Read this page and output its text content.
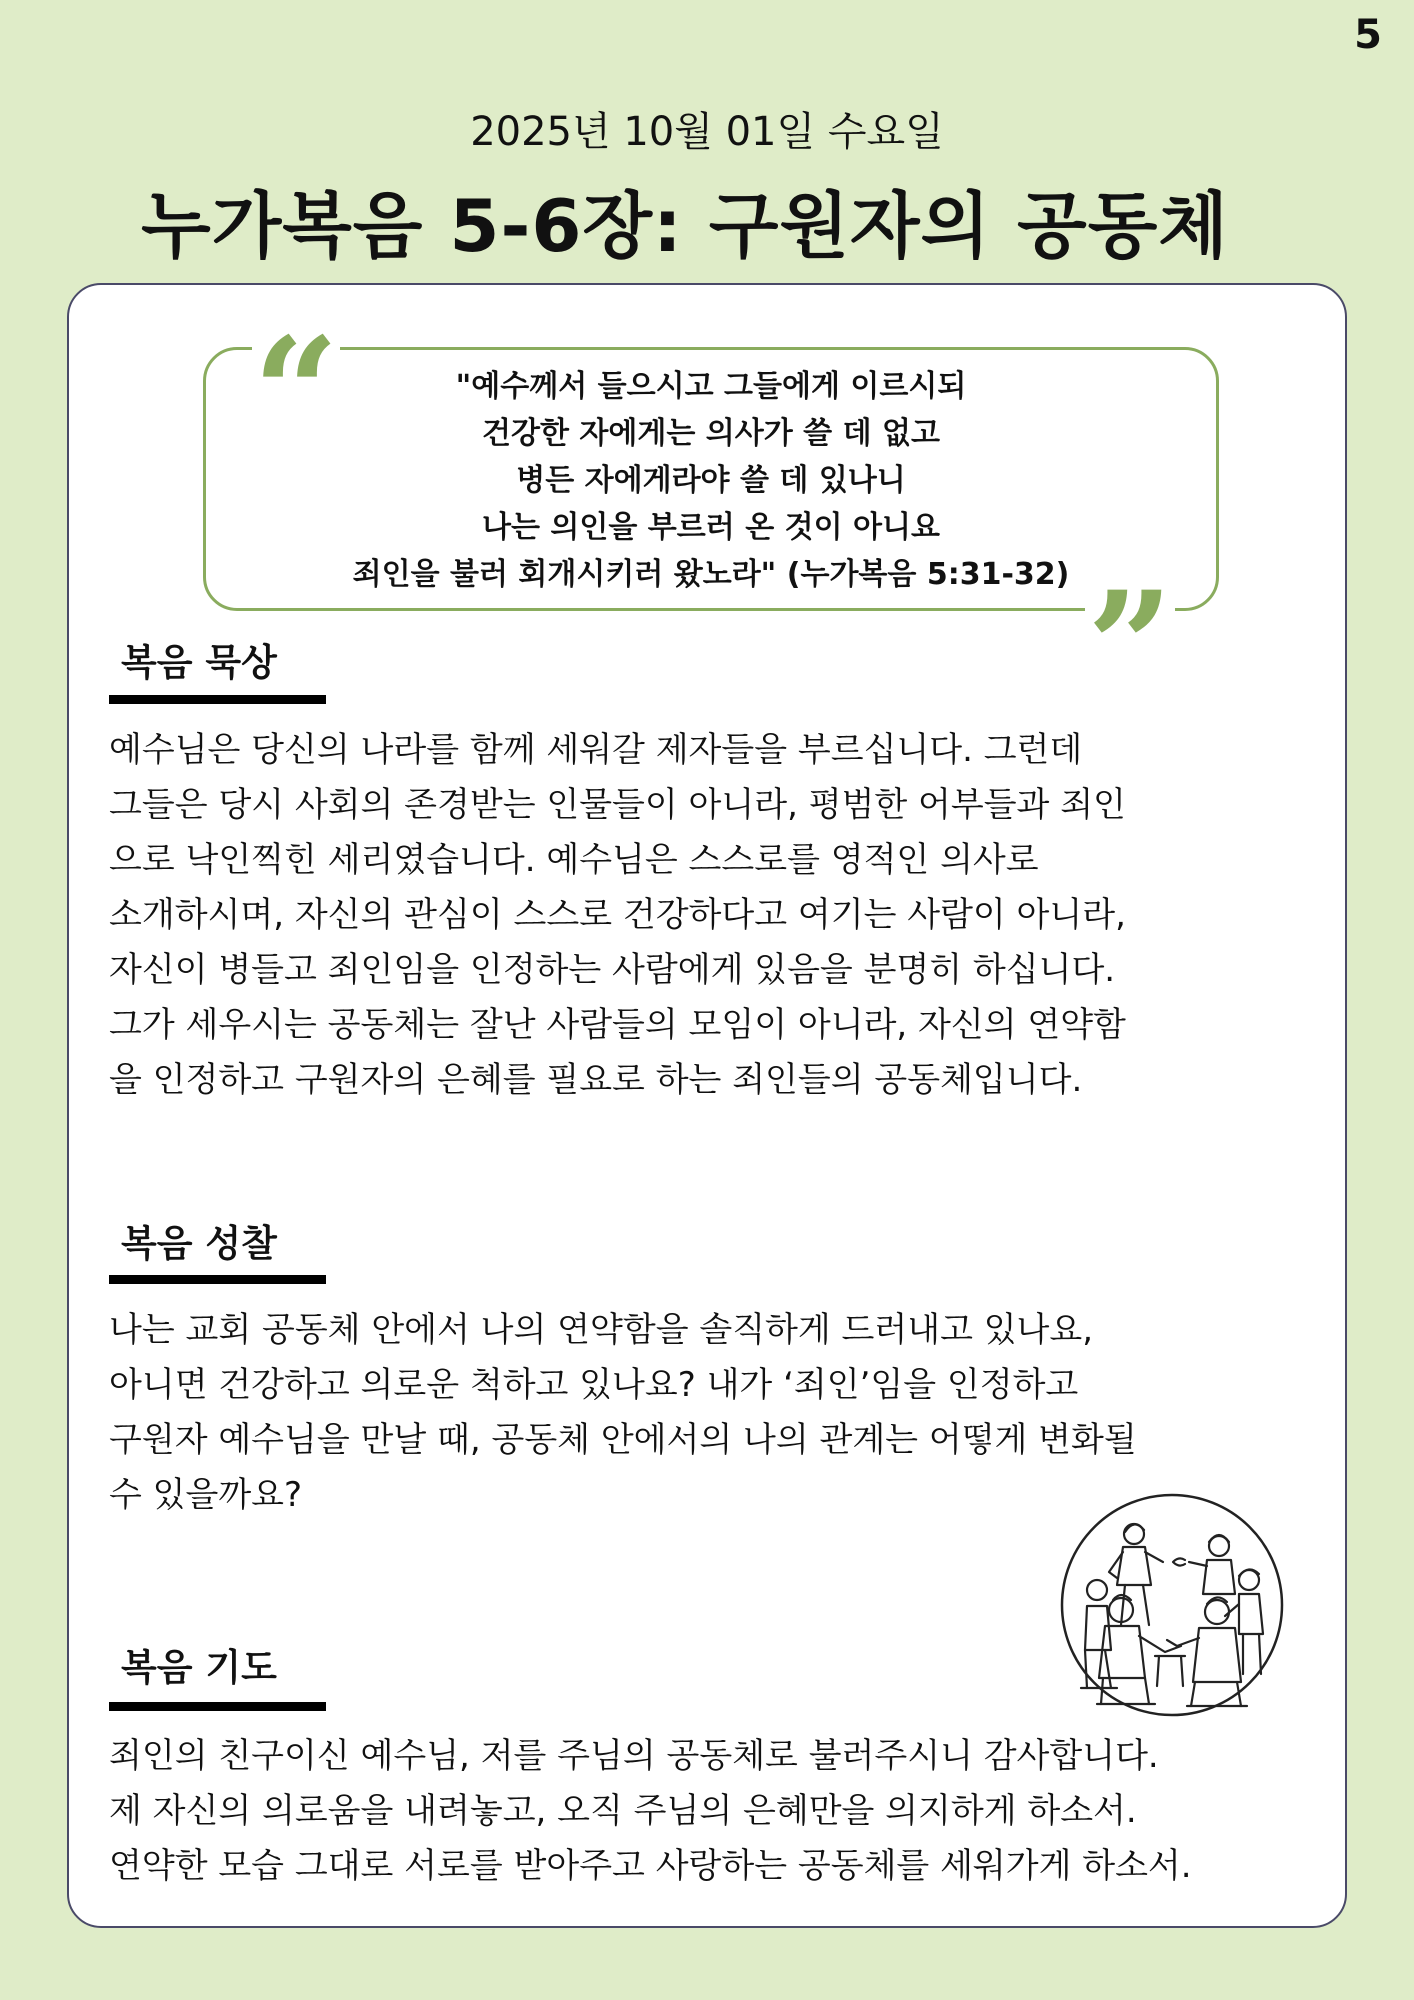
5
2025년 10월 01일 수요일
누가복음 5-6장: 구원자의 공동체
“
”
"예수께서 들으시고 그들에게 이르시되
건강한 자에게는 의사가 쓸 데 없고
병든 자에게라야 쓸 데 있나니
나는 의인을 부르러 온 것이 아니요
죄인을 불러 회개시키러 왔노라" (누가복음 5:31-32)
복음 묵상
예수님은 당신의 나라를 함께 세워갈 제자들을 부르십니다. 그런데
그들은 당시 사회의 존경받는 인물들이 아니라, 평범한 어부들과 죄인
으로 낙인찍힌 세리였습니다. 예수님은 스스로를 영적인 의사로
소개하시며, 자신의 관심이 스스로 건강하다고 여기는 사람이 아니라,
자신이 병들고 죄인임을 인정하는 사람에게 있음을 분명히 하십니다.
그가 세우시는 공동체는 잘난 사람들의 모임이 아니라, 자신의 연약함
을 인정하고 구원자의 은혜를 필요로 하는 죄인들의 공동체입니다.
복음 성찰
나는 교회 공동체 안에서 나의 연약함을 솔직하게 드러내고 있나요,
아니면 건강하고 의로운 척하고 있나요? 내가 ‘죄인’임을 인정하고
구원자 예수님을 만날 때, 공동체 안에서의 나의 관계는 어떻게 변화될
수 있을까요?
복음 기도
죄인의 친구이신 예수님, 저를 주님의 공동체로 불러주시니 감사합니다.
제 자신의 의로움을 내려놓고, 오직 주님의 은혜만을 의지하게 하소서.
연약한 모습 그대로 서로를 받아주고 사랑하는 공동체를 세워가게 하소서.
